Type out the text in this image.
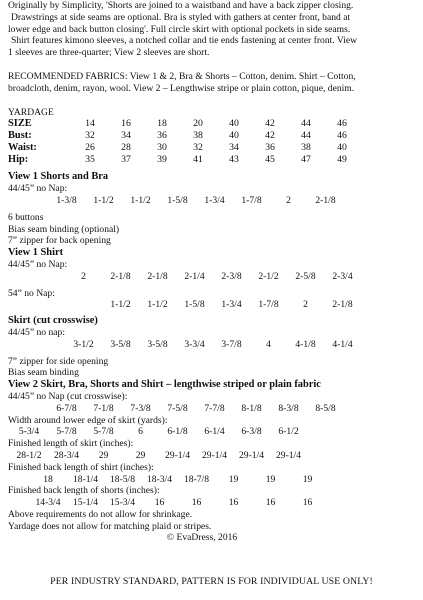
Originally by Simplicity, 'Shorts are joined to a waistband and have a back zipper closing.

Drawstrings at side seams are optional. Bra is styled with gathers at center front, band at

lower edge and back button closing'. Full circle skirt with optional pockets in side seams.

Shirt features kimono sleeves, a notched collar and tie ends fastening at center front. View

1 sleeves are three-quarter; View 2 sleeves are short.

RECOMMENDED FABRICS: View 1 & 2, Bra & Shorts – Cotton, denim. Shirt – Cotton,

broadcloth, denim, rayon, wool. View 2 – Lengthwise stripe or plain cotton, pique, denim.

YARDAGE

SIZE	14	16	18	20	40	42	44	46
Bust:	32	34	36	38	40	42	44	46
Waist:	26	28	30	32	34	36	38	40
Hip:	35	37	39	41	43	45	47	49

View 1 Shorts and Bra

44/45” no Nap:

1-3/8	1-1/2	1-1/2	1-5/8	1-3/4	1-7/8	2	2-1/8

6 buttons

Bias seam binding (optional)

7” zipper for back opening

View 1 Shirt

44/45” no Nap:

2	2-1/8	2-1/8	2-1/4	2-3/8	2-1/2	2-5/8	2-3/4

54” no Nap:

1-1/2	1-1/2	1-5/8	1-3/4	1-7/8	2	2-1/8

Skirt (cut crosswise)

44/45” no nap:

3-1/2	3-5/8	3-5/8	3-3/4	3-7/8	4	4-1/8	4-1/4

7” zipper for side opening

Bias seam binding

View 2 Skirt, Bra, Shorts and Shirt – lengthwise striped or plain fabric

44/45” no Nap (cut crosswise):

6-7/8	7-1/8	7-3/8	7-5/8	7-7/8	8-1/8	8-3/8	8-5/8

Width around lower edge of skirt (yards):

5-3/4	5-7/8	5-7/8	6	6-1/8	6-1/4	6-3/8	6-1/2

Finished length of skirt (inches):

28-1/2	28-3/4	29	29	29-1/4	29-1/4	29-1/4	29-1/4

Finished back length of shirt (inches):

18	18-1/4	18-5/8	18-3/4	18-7/8	19	19	19

Finished back length of shorts (inches):

14-3/4	15-1/4	15-3/4	16	16	16	16	16

Above requirements do not allow for shrinkage.

Yardage does not allow for matching plaid or stripes.

© EvaDress, 2016

PER INDUSTRY STANDARD, PATTERN IS FOR INDIVIDUAL USE ONLY!
